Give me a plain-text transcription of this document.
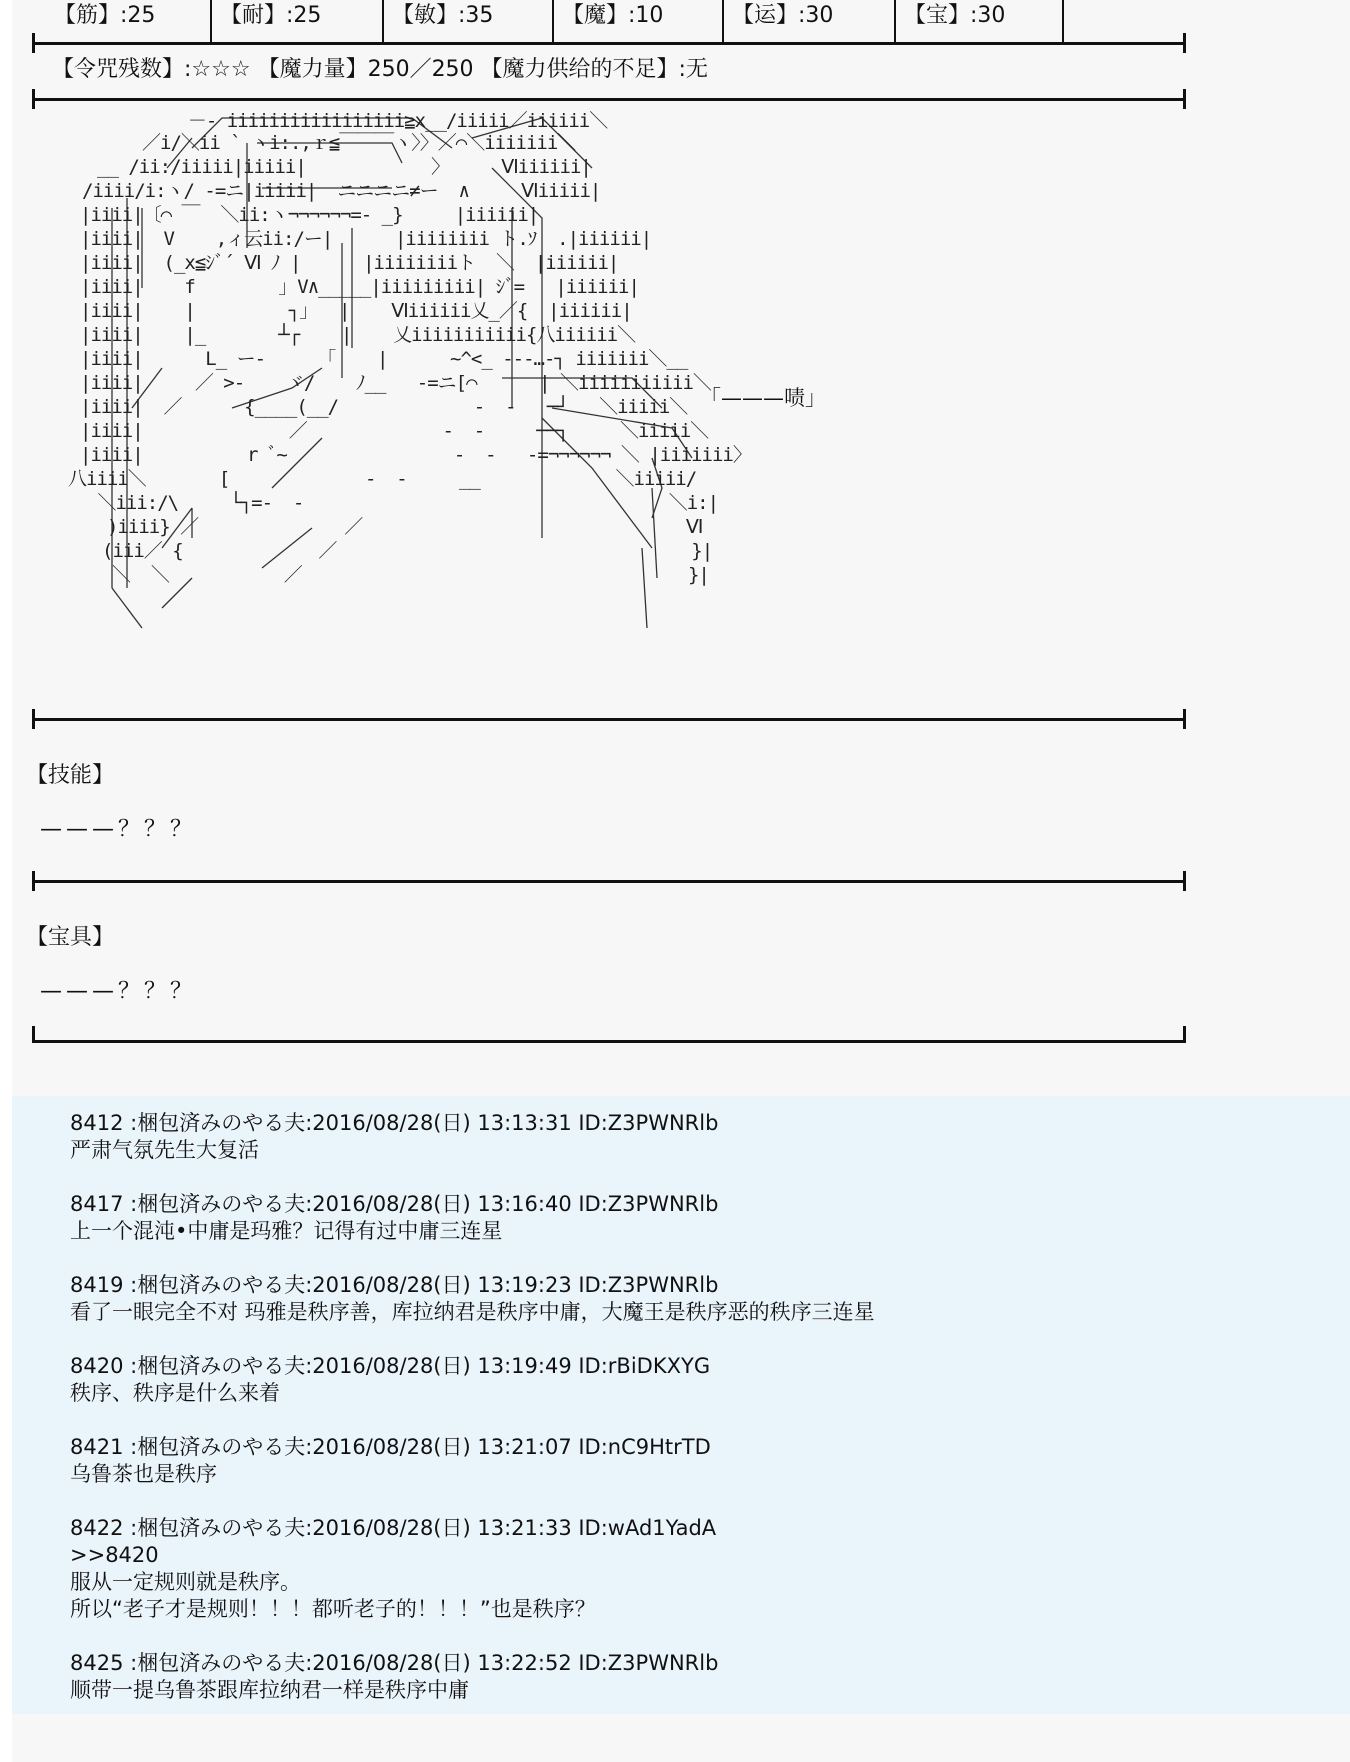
【筋】:25	【耐】:25	【敏】:35	【魔】:10	【运】:30	【宝】:30
【令咒残数】:☆☆☆ 【魔力量】250／250 【魔力供给的不足】:无
－- iiiiiiiiiiiiiiiii≧x__/iiiii／iiiiii＼
／i/＼ii ` ヽi:.,ｒ≦￣￣￣ヽ〉〉／⌒＼iiiiiii＼
__ /ii:/iiiii|iiiii|            〉     Ⅵiiiiii|
/iiii/i:ヽ/ -=ニ|iiiii|  ニニニニ≠ー  ∧     Ⅵiiiii|
|iiii|〔⌒ ￣  ＼ii:ヽ¬¬¬¬¬¬=- _}     |iiiiii|
|iiii|  V    ,ィ云ii:/ー|      |iiiiiiii ト.ｿ  .|iiiiii|
|iiii|  (_x≦ｼﾞ´ Ⅵ ﾉ |      |iiiiiiiiト  ＼  |iiiiii|
|iiii|    f        ｣ V∧_____|iiiiiiiii| ｼﾞ=   |iiiiii|
|iiii|    |         ┐｣   |    Ⅵiiiiii乂_／{  |iiiiii|
|iiii|    |_       ┴┌    |    乂iiiiiiiiiii{八iiiiii＼
|iiii|      L_ ー-     「    |      ~^<_ ---…-┐ iiiiiii＼__
|iiii|     ／ >-    ヾ/    ﾉ__   -=ニ[⌒      | ＼iiiiiiiiiii＼
|iiii|  ／      {____(__/             -  -   ─┘   ＼iiiii＼
|iiii|              ／             -  -     ──┐     ＼iiiii＼
|iiii|          r ﾞ~                -  -   -=¬¬¬¬¬¬ ＼ |iiiiiii〉
八iiii＼       [             -  -     __             ＼iiiii/
＼iii:/\     └┐=-  -                                   ＼i:|
)iiii} ／              ／                               Ⅵ
(iii／ {             ／                                  }|
＼  ＼           ／                                     }|
「———啧」
【技能】
———？？？
【宝具】
———？？？
8412 :梱包済みのやる夫:2016/08/28(日) 13:13:31 ID:Z3PWNRlb
严肃气氛先生大复活
8417 :梱包済みのやる夫:2016/08/28(日) 13:16:40 ID:Z3PWNRlb
上一个混沌•中庸是玛雅？记得有过中庸三连星
8419 :梱包済みのやる夫:2016/08/28(日) 13:19:23 ID:Z3PWNRlb
看了一眼完全不对 玛雅是秩序善，库拉纳君是秩序中庸，大魔王是秩序恶的秩序三连星
8420 :梱包済みのやる夫:2016/08/28(日) 13:19:49 ID:rBiDKXYG
秩序、秩序是什么来着
8421 :梱包済みのやる夫:2016/08/28(日) 13:21:07 ID:nC9HtrTD
乌鲁茶也是秩序
8422 :梱包済みのやる夫:2016/08/28(日) 13:21:33 ID:wAd1YadA
>>8420
服从一定规则就是秩序。
所以“老子才是规则！！！都听老子的！！！”也是秩序？
8425 :梱包済みのやる夫:2016/08/28(日) 13:22:52 ID:Z3PWNRlb
顺带一提乌鲁茶跟库拉纳君一样是秩序中庸
